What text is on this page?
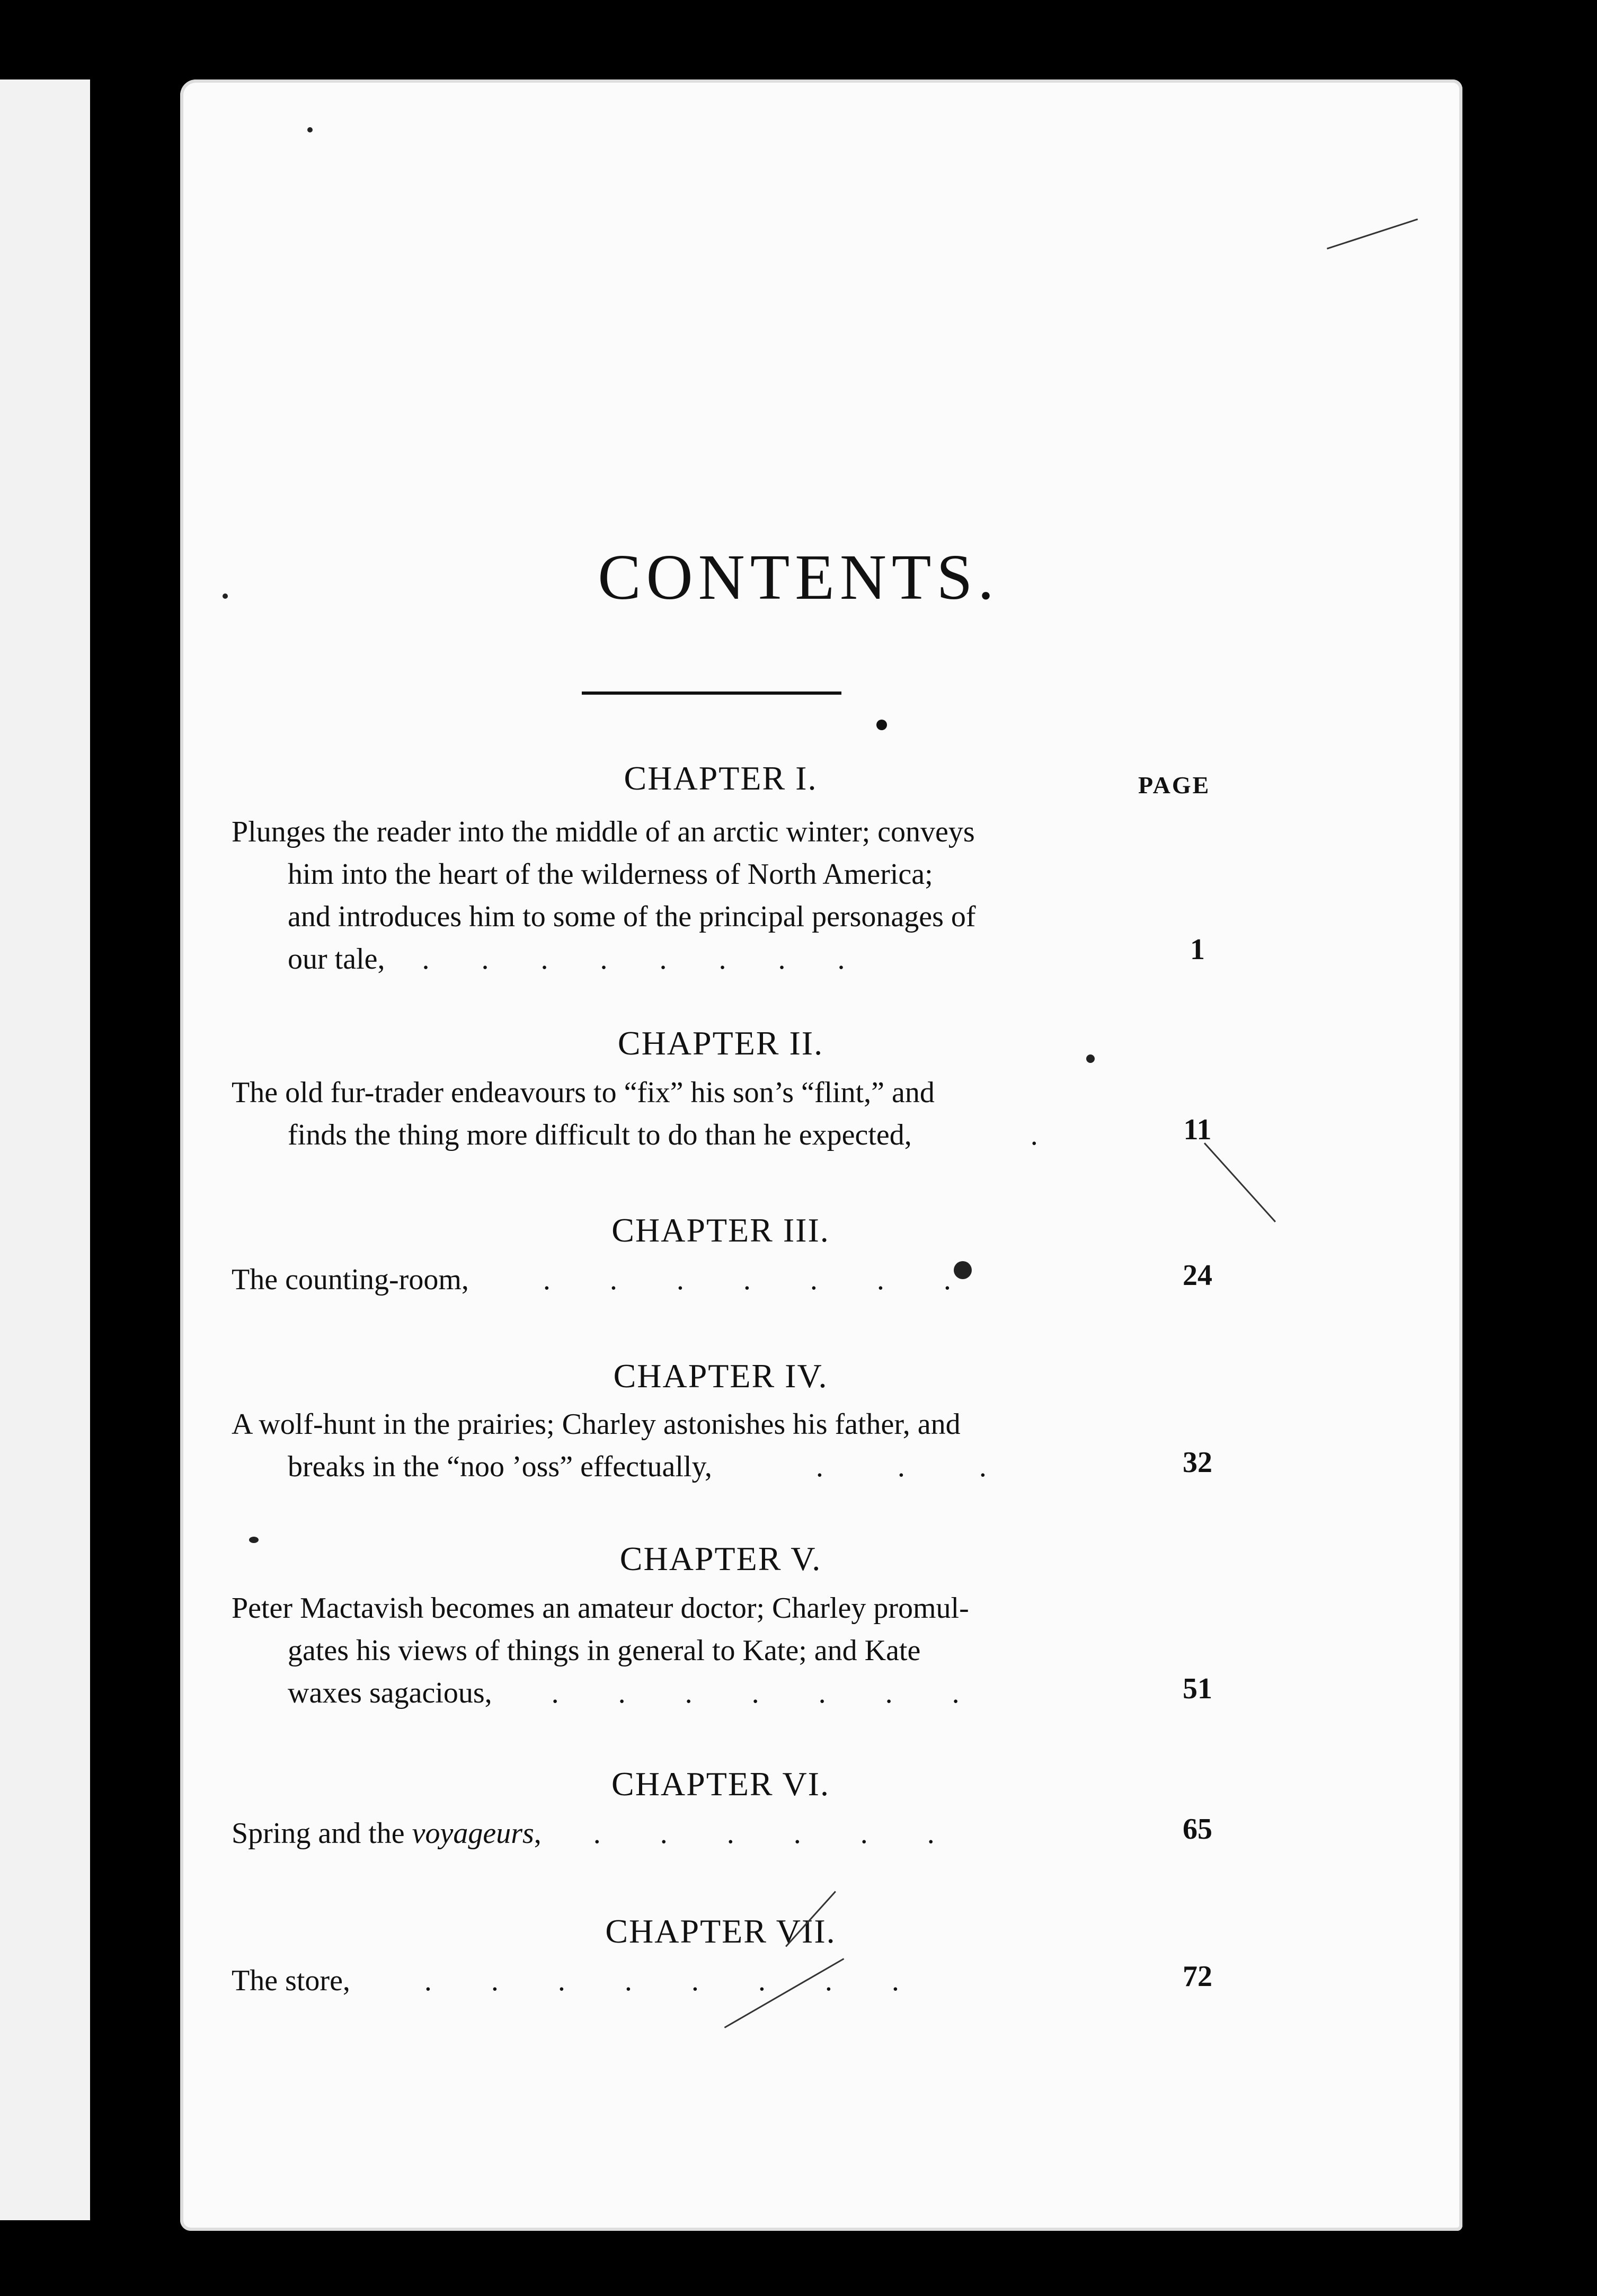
CONTENTS.
PAGE
CHAPTER I.
Plunges the reader into the middle of an arctic winter; conveys
him into the heart of the wilderness of North America;
and introduces him to some of the principal personages of
our tale,     .       .       .       .       .       .       .       .	1
CHAPTER II.
The old fur-trader endeavours to “fix” his son’s “flint,” and
finds the thing more difficult to do than he expected,                .	11
CHAPTER III.
The counting-room,          .        .        .        .        .        .        .	24
CHAPTER IV.
A wolf-hunt in the prairies; Charley astonishes his father, and
breaks in the “noo ’oss” effectually,              .          .          .	32
CHAPTER V.
Peter Mactavish becomes an amateur doctor; Charley promul-
gates his views of things in general to Kate; and Kate
waxes sagacious,        .        .        .        .        .        .        .	51
CHAPTER VI.
Spring and the voyageurs,       .        .        .        .        .        .	65
CHAPTER VII.
The store,          .        .        .        .        .        .        .        .	72
